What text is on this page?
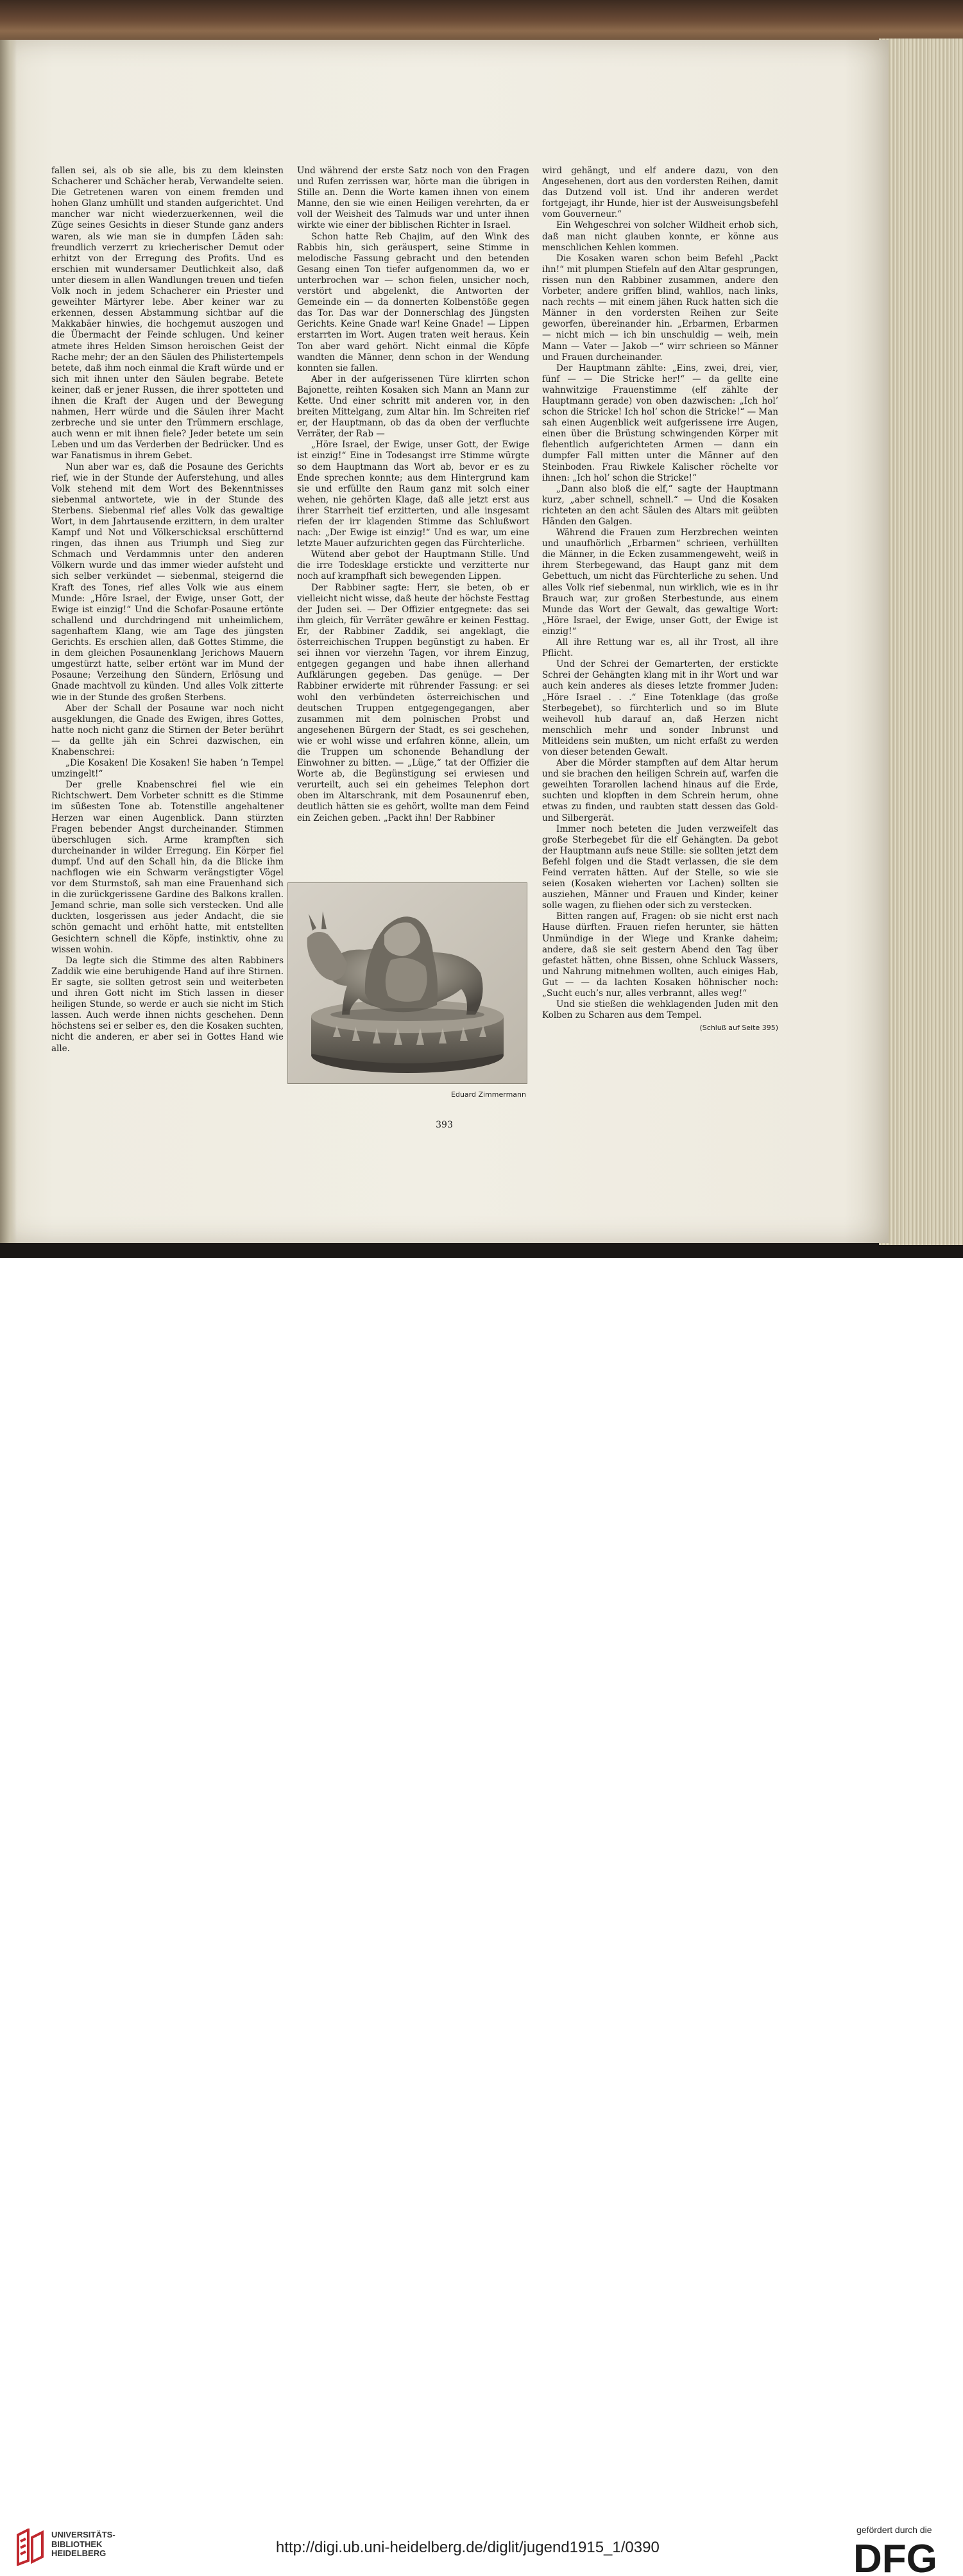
fallen sei, als ob sie alle, bis zu dem kleinsten Schacherer und Schächer herab, Verwandelte seien. Die Getretenen waren von einem fremden und hohen Glanz umhüllt und standen aufgerichtet. Und mancher war nicht wiederzuerkennen, weil die Züge seines Gesichts in dieser Stunde ganz anders waren, als wie man sie in dumpfen Läden sah: freundlich verzerrt zu kriecherischer Demut oder erhitzt von der Erregung des Profits. Und es erschien mit wundersamer Deutlichkeit also, daß unter diesem in allen Wandlungen treuen und tiefen Volk noch in jedem Schacherer ein Priester und geweihter Märtyrer lebe. Aber keiner war zu erkennen, dessen Abstammung sichtbar auf die Makkabäer hinwies, die hochgemut auszogen und die Übermacht der Feinde schlugen. Und keiner atmete ihres Helden Simson heroischen Geist der Rache mehr; der an den Säulen des Philistertempels betete, daß ihm noch einmal die Kraft würde und er sich mit ihnen unter den Säulen begrabe. Betete keiner, daß er jener Russen, die ihrer spotteten und ihnen die Kraft der Augen und der Bewegung nahmen, Herr würde und die Säulen ihrer Macht zerbreche und sie unter den Trümmern erschlage, auch wenn er mit ihnen fiele? Jeder betete um sein Leben und um das Verderben der Bedrücker. Und es war Fanatismus in ihrem Gebet.

Nun aber war es, daß die Posaune des Gerichts rief, wie in der Stunde der Auferstehung, und alles Volk stehend mit dem Wort des Bekenntnisses siebenmal antwortete, wie in der Stunde des Sterbens. Siebenmal rief alles Volk das gewaltige Wort, in dem Jahrtausende erzittern, in dem uralter Kampf und Not und Völkerschicksal erschütternd ringen, das ihnen aus Triumph und Sieg zur Schmach und Verdammnis unter den anderen Völkern wurde und das immer wieder aufsteht und sich selber verkündet — siebenmal, steigernd die Kraft des Tones, rief alles Volk wie aus einem Munde: „Höre Israel, der Ewige, unser Gott, der Ewige ist einzig!“ Und die Schofar-Posaune ertönte schallend und durchdringend mit unheimlichem, sagenhaftem Klang, wie am Tage des jüngsten Gerichts. Es erschien allen, daß Gottes Stimme, die in dem gleichen Posaunenklang Jerichows Mauern umgestürzt hatte, selber ertönt war im Mund der Posaune; Verzeihung den Sündern, Erlösung und Gnade machtvoll zu künden. Und alles Volk zitterte wie in der Stunde des großen Sterbens.

Aber der Schall der Posaune war noch nicht ausgeklungen, die Gnade des Ewigen, ihres Gottes, hatte noch nicht ganz die Stirnen der Beter berührt — da gellte jäh ein Schrei dazwischen, ein Knabenschrei:

„Die Kosaken! Die Kosaken! Sie haben ’n Tempel umzingelt!“

Der grelle Knabenschrei fiel wie ein Richtschwert. Dem Vorbeter schnitt es die Stimme im süßesten Tone ab. Totenstille angehaltener Herzen war einen Augenblick. Dann stürzten Fragen bebender Angst durcheinander. Stimmen überschlugen sich. Arme krampften sich durcheinander in wilder Erregung. Ein Körper fiel dumpf. Und auf den Schall hin, da die Blicke ihm nachflogen wie ein Schwarm verängstigter Vögel vor dem Sturmstoß, sah man eine Frauenhand sich in die zurückgerissene Gardine des Balkons krallen. Jemand schrie, man solle sich verstecken. Und alle duckten, losgerissen aus jeder Andacht, die sie schön gemacht und erhöht hatte, mit entstellten Gesichtern schnell die Köpfe, instinktiv, ohne zu wissen wohin.

Da legte sich die Stimme des alten Rabbiners Zaddik wie eine beruhigende Hand auf ihre Stirnen. Er sagte, sie sollten getrost sein und weiterbeten und ihren Gott nicht im Stich lassen in dieser heiligen Stunde, so werde er auch sie nicht im Stich lassen. Auch werde ihnen nichts geschehen. Denn höchstens sei er selber es, den die Kosaken suchten, nicht die anderen, er aber sei in Gottes Hand wie alle.

Und während der erste Satz noch von den Fragen und Rufen zerrissen war, hörte man die übrigen in Stille an. Denn die Worte kamen ihnen von einem Manne, den sie wie einen Heiligen verehrten, da er voll der Weisheit des Talmuds war und unter ihnen wirkte wie einer der biblischen Richter in Israel.

Schon hatte Reb Chajim, auf den Wink des Rabbis hin, sich geräuspert, seine Stimme in melodische Fassung gebracht und den betenden Gesang einen Ton tiefer aufgenommen da, wo er unterbrochen war — schon fielen, unsicher noch, verstört und abgelenkt, die Antworten der Gemeinde ein — da donnerten Kolbenstöße gegen das Tor. Das war der Donnerschlag des Jüngsten Gerichts. Keine Gnade war! Keine Gnade! — Lippen erstarrten im Wort. Augen traten weit heraus. Kein Ton aber ward gehört. Nicht einmal die Köpfe wandten die Männer, denn schon in der Wendung konnten sie fallen.

Aber in der aufgerissenen Türe klirrten schon Bajonette, reihten Kosaken sich Mann an Mann zur Kette. Und einer schritt mit anderen vor, in den breiten Mittelgang, zum Altar hin. Im Schreiten rief er, der Hauptmann, ob das da oben der verfluchte Verräter, der Rab —

„Höre Israel, der Ewige, unser Gott, der Ewige ist einzig!“ Eine in Todesangst irre Stimme würgte so dem Hauptmann das Wort ab, bevor er es zu Ende sprechen konnte; aus dem Hintergrund kam sie und erfüllte den Raum ganz mit solch einer wehen, nie gehörten Klage, daß alle jetzt erst aus ihrer Starrheit tief erzitterten, und alle insgesamt riefen der irr klagenden Stimme das Schlußwort nach: „Der Ewige ist einzig!“ Und es war, um eine letzte Mauer aufzurichten gegen das Fürchterliche.

Wütend aber gebot der Hauptmann Stille. Und die irre Todesklage erstickte und verzitterte nur noch auf krampfhaft sich bewegenden Lippen.

Der Rabbiner sagte: Herr, sie beten, ob er vielleicht nicht wisse, daß heute der höchste Festtag der Juden sei. — Der Offizier entgegnete: das sei ihm gleich, für Verräter gewähre er keinen Festtag. Er, der Rabbiner Zaddik, sei angeklagt, die österreichischen Truppen begünstigt zu haben. Er sei ihnen vor vierzehn Tagen, vor ihrem Einzug, entgegen gegangen und habe ihnen allerhand Aufklärungen gegeben. Das genüge. — Der Rabbiner erwiderte mit rührender Fassung: er sei wohl den verbündeten österreichischen und deutschen Truppen entgegengegangen, aber zusammen mit dem polnischen Probst und angesehenen Bürgern der Stadt, es sei geschehen, wie er wohl wisse und erfahren könne, allein, um die Truppen um schonende Behandlung der Einwohner zu bitten. — „Lüge,“ tat der Offizier die Worte ab, die Begünstigung sei erwiesen und verurteilt, auch sei ein geheimes Telephon dort oben im Altarschrank, mit dem Posaunenruf eben, deutlich hätten sie es gehört, wollte man dem Feind ein Zeichen geben. „Packt ihn! Der Rabbiner

wird gehängt, und elf andere dazu, von den Angesehenen, dort aus den vordersten Reihen, damit das Dutzend voll ist. Und ihr anderen werdet fortgejagt, ihr Hunde, hier ist der Ausweisungsbefehl vom Gouverneur.“

Ein Wehgeschrei von solcher Wildheit erhob sich, daß man nicht glauben konnte, er könne aus menschlichen Kehlen kommen.

Die Kosaken waren schon beim Befehl „Packt ihn!“ mit plumpen Stiefeln auf den Altar gesprungen, rissen nun den Rabbiner zusammen, andere den Vorbeter, andere griffen blind, wahllos, nach links, nach rechts — mit einem jähen Ruck hatten sich die Männer in den vordersten Reihen zur Seite geworfen, übereinander hin. „Erbarmen, Erbarmen — nicht mich — ich bin unschuldig — weih, mein Mann — Vater — Jakob —“ wirr schrieen so Männer und Frauen durcheinander.

Der Hauptmann zählte: „Eins, zwei, drei, vier, fünf — — Die Stricke her!“ — da gellte eine wahnwitzige Frauenstimme (elf zählte der Hauptmann gerade) von oben dazwischen: „Ich hol’ schon die Stricke! Ich hol’ schon die Stricke!“ — Man sah einen Augenblick weit aufgerissene irre Augen, einen über die Brüstung schwingenden Körper mit flehentlich aufgerichteten Armen — dann ein dumpfer Fall mitten unter die Männer auf den Steinboden. Frau Riwkele Kalischer röchelte vor ihnen: „Ich hol’ schon die Stricke!“

„Dann also bloß die elf,“ sagte der Hauptmann kurz, „aber schnell, schnell.“ — Und die Kosaken richteten an den acht Säulen des Altars mit geübten Händen den Galgen.

Während die Frauen zum Herzbrechen weinten und unaufhörlich „Erbarmen“ schrieen, verhüllten die Männer, in die Ecken zusammengeweht, weiß in ihrem Sterbegewand, das Haupt ganz mit dem Gebettuch, um nicht das Fürchterliche zu sehen. Und alles Volk rief siebenmal, nun wirklich, wie es in ihr Brauch war, zur großen Sterbestunde, aus einem Munde das Wort der Gewalt, das gewaltige Wort: „Höre Israel, der Ewige, unser Gott, der Ewige ist einzig!“

All ihre Rettung war es, all ihr Trost, all ihre Pflicht.

Und der Schrei der Gemarterten, der erstickte Schrei der Gehängten klang mit in ihr Wort und war auch kein anderes als dieses letzte frommer Juden: „Höre Israel . . .“ Eine Totenklage (das große Sterbegebet), so fürchterlich und so im Blute weihevoll hub darauf an, daß Herzen nicht menschlich mehr und sonder Inbrunst und Mitleidens sein mußten, um nicht erfaßt zu werden von dieser betenden Gewalt.

Aber die Mörder stampften auf dem Altar herum und sie brachen den heiligen Schrein auf, warfen die geweihten Torarollen lachend hinaus auf die Erde, suchten und klopften in dem Schrein herum, ohne etwas zu finden, und raubten statt dessen das Gold- und Silbergerät.

Immer noch beteten die Juden verzweifelt das große Sterbegebet für die elf Gehängten. Da gebot der Hauptmann aufs neue Stille: sie sollten jetzt dem Befehl folgen und die Stadt verlassen, die sie dem Feind verraten hätten. Auf der Stelle, so wie sie seien (Kosaken wieherten vor Lachen) sollten sie ausziehen, Männer und Frauen und Kinder, keiner solle wagen, zu fliehen oder sich zu verstecken.

Bitten rangen auf, Fragen: ob sie nicht erst nach Hause dürften. Frauen riefen herunter, sie hätten Unmündige in der Wiege und Kranke daheim; andere, daß sie seit gestern Abend den Tag über gefastet hätten, ohne Bissen, ohne Schluck Wassers, und Nahrung mitnehmen wollten, auch einiges Hab, Gut — — da lachten Kosaken höhnischer noch: „Sucht euch’s nur, alles verbrannt, alles weg!“

Und sie stießen die wehklagenden Juden mit den Kolben zu Scharen aus dem Tempel.

(Schluß auf Seite 395)

Eduard Zimmermann
393
UNIVERSITÄTS-
BIBLIOTHEK
HEIDELBERG	http://digi.ub.uni-heidelberg.de/diglit/jugend1915_1/0390
gefördert durch die
DFG
